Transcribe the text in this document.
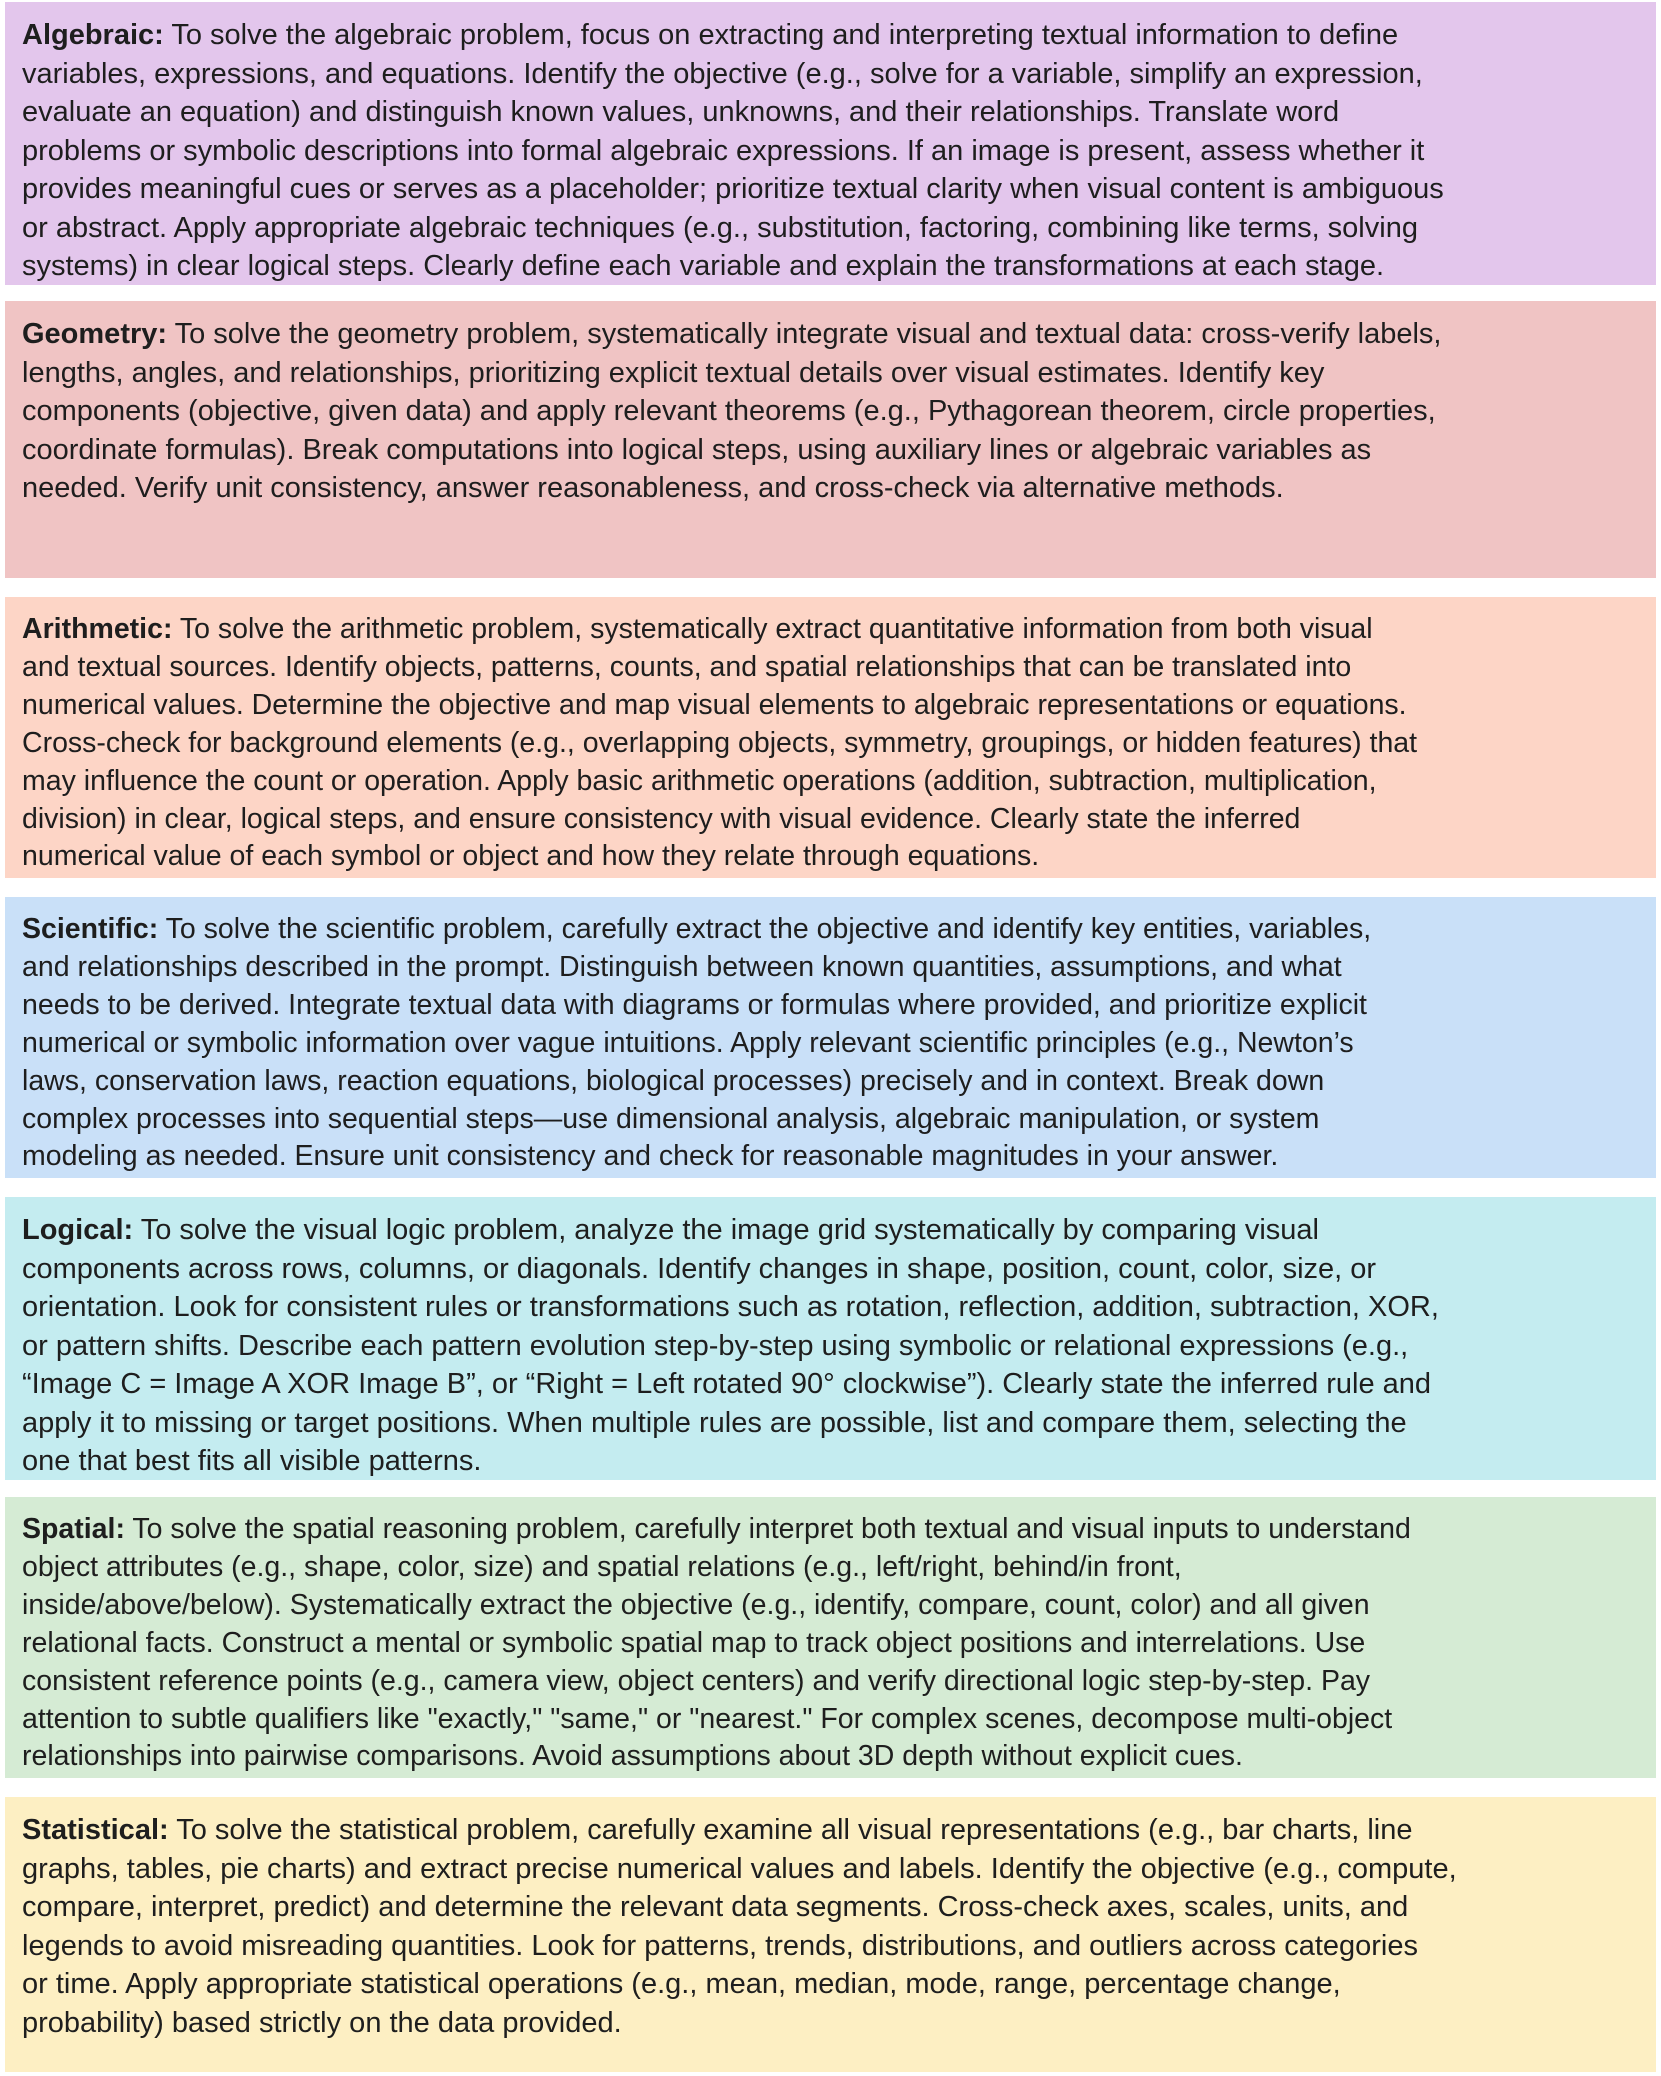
Algebraic: To solve the algebraic problem, focus on extracting and interpreting textual information to define
variables, expressions, and equations. Identify the objective (e.g., solve for a variable, simplify an expression,
evaluate an equation) and distinguish known values, unknowns, and their relationships. Translate word
problems or symbolic descriptions into formal algebraic expressions. If an image is present, assess whether it
provides meaningful cues or serves as a placeholder; prioritize textual clarity when visual content is ambiguous
or abstract. Apply appropriate algebraic techniques (e.g., substitution, factoring, combining like terms, solving
systems) in clear logical steps. Clearly define each variable and explain the transformations at each stage.
Geometry: To solve the geometry problem, systematically integrate visual and textual data: cross-verify labels,
lengths, angles, and relationships, prioritizing explicit textual details over visual estimates. Identify key
components (objective, given data) and apply relevant theorems (e.g., Pythagorean theorem, circle properties,
coordinate formulas). Break computations into logical steps, using auxiliary lines or algebraic variables as
needed. Verify unit consistency, answer reasonableness, and cross-check via alternative methods.
Arithmetic: To solve the arithmetic problem, systematically extract quantitative information from both visual
and textual sources. Identify objects, patterns, counts, and spatial relationships that can be translated into
numerical values. Determine the objective and map visual elements to algebraic representations or equations.
Cross-check for background elements (e.g., overlapping objects, symmetry, groupings, or hidden features) that
may influence the count or operation. Apply basic arithmetic operations (addition, subtraction, multiplication,
division) in clear, logical steps, and ensure consistency with visual evidence. Clearly state the inferred
numerical value of each symbol or object and how they relate through equations.
Scientific: To solve the scientific problem, carefully extract the objective and identify key entities, variables,
and relationships described in the prompt. Distinguish between known quantities, assumptions, and what
needs to be derived. Integrate textual data with diagrams or formulas where provided, and prioritize explicit
numerical or symbolic information over vague intuitions. Apply relevant scientific principles (e.g., Newton’s
laws, conservation laws, reaction equations, biological processes) precisely and in context. Break down
complex processes into sequential steps—use dimensional analysis, algebraic manipulation, or system
modeling as needed. Ensure unit consistency and check for reasonable magnitudes in your answer.
Logical: To solve the visual logic problem, analyze the image grid systematically by comparing visual
components across rows, columns, or diagonals. Identify changes in shape, position, count, color, size, or
orientation. Look for consistent rules or transformations such as rotation, reflection, addition, subtraction, XOR,
or pattern shifts. Describe each pattern evolution step-by-step using symbolic or relational expressions (e.g.,
“Image C = Image A XOR Image B”, or “Right = Left rotated 90° clockwise”). Clearly state the inferred rule and
apply it to missing or target positions. When multiple rules are possible, list and compare them, selecting the
one that best fits all visible patterns.
Spatial: To solve the spatial reasoning problem, carefully interpret both textual and visual inputs to understand
object attributes (e.g., shape, color, size) and spatial relations (e.g., left/right, behind/in front,
inside/above/below). Systematically extract the objective (e.g., identify, compare, count, color) and all given
relational facts. Construct a mental or symbolic spatial map to track object positions and interrelations. Use
consistent reference points (e.g., camera view, object centers) and verify directional logic step-by-step. Pay
attention to subtle qualifiers like "exactly," "same," or "nearest." For complex scenes, decompose multi-object
relationships into pairwise comparisons. Avoid assumptions about 3D depth without explicit cues.
Statistical: To solve the statistical problem, carefully examine all visual representations (e.g., bar charts, line
graphs, tables, pie charts) and extract precise numerical values and labels. Identify the objective (e.g., compute,
compare, interpret, predict) and determine the relevant data segments. Cross-check axes, scales, units, and
legends to avoid misreading quantities. Look for patterns, trends, distributions, and outliers across categories
or time. Apply appropriate statistical operations (e.g., mean, median, mode, range, percentage change,
probability) based strictly on the data provided.
